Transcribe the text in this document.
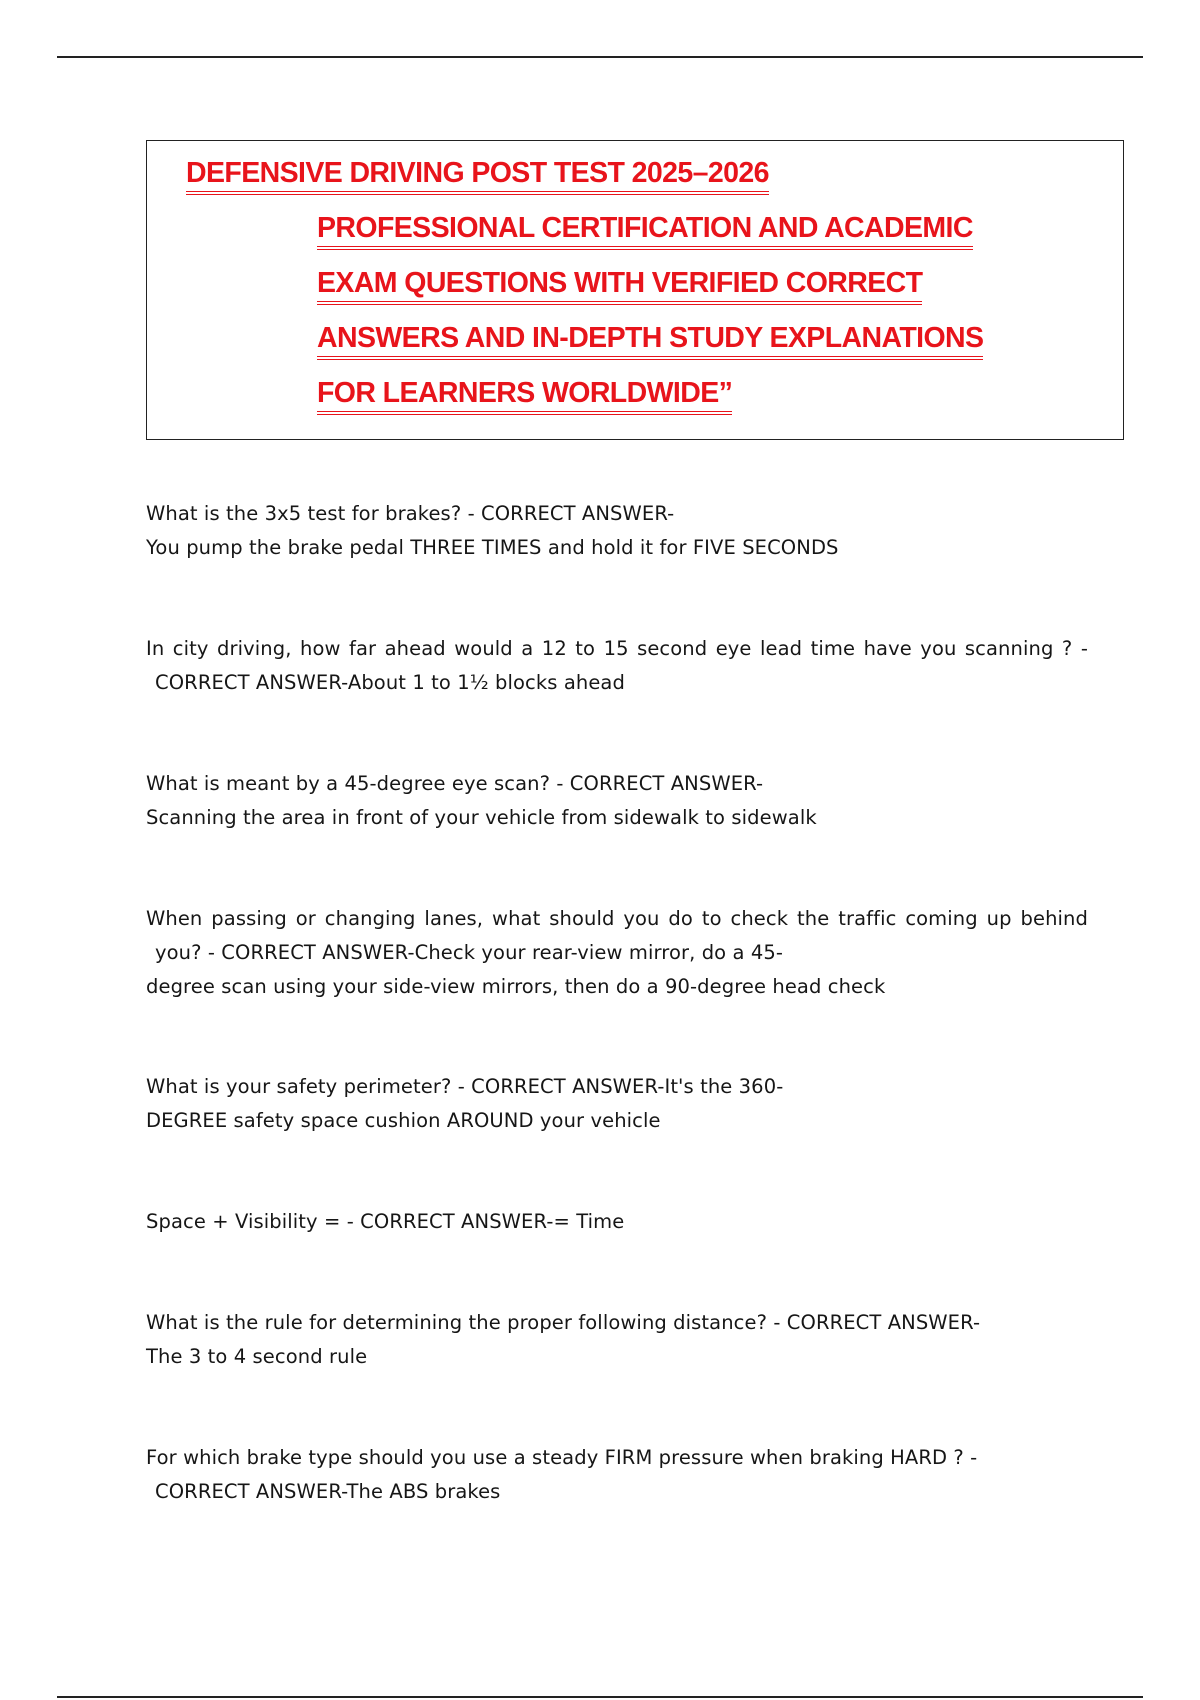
DEFENSIVE DRIVING POST TEST 2025–2026
PROFESSIONAL CERTIFICATION AND ACADEMIC
EXAM QUESTIONS WITH VERIFIED CORRECT
ANSWERS AND IN-DEPTH STUDY EXPLANATIONS
FOR LEARNERS WORLDWIDE”
What is the 3x5 test for brakes? - CORRECT ANSWER-
You pump the brake pedal THREE TIMES and hold it for FIVE SECONDS
In city driving, how far ahead would a 12 to 15 second eye lead time have you scanning ? -
CORRECT ANSWER-About 1 to 1½ blocks ahead
What is meant by a 45-degree eye scan? - CORRECT ANSWER-
Scanning the area in front of your vehicle from sidewalk to sidewalk
When passing or changing lanes, what should you do to check the traffic coming up behind
you? - CORRECT ANSWER-Check your rear-view mirror, do a 45-
degree scan using your side-view mirrors, then do a 90-degree head check
What is your safety perimeter? - CORRECT ANSWER-It's the 360-
DEGREE safety space cushion AROUND your vehicle
Space + Visibility = - CORRECT ANSWER-= Time
What is the rule for determining the proper following distance? - CORRECT ANSWER-
The 3 to 4 second rule
For which brake type should you use a steady FIRM pressure when braking HARD ? -
CORRECT ANSWER-The ABS brakes
